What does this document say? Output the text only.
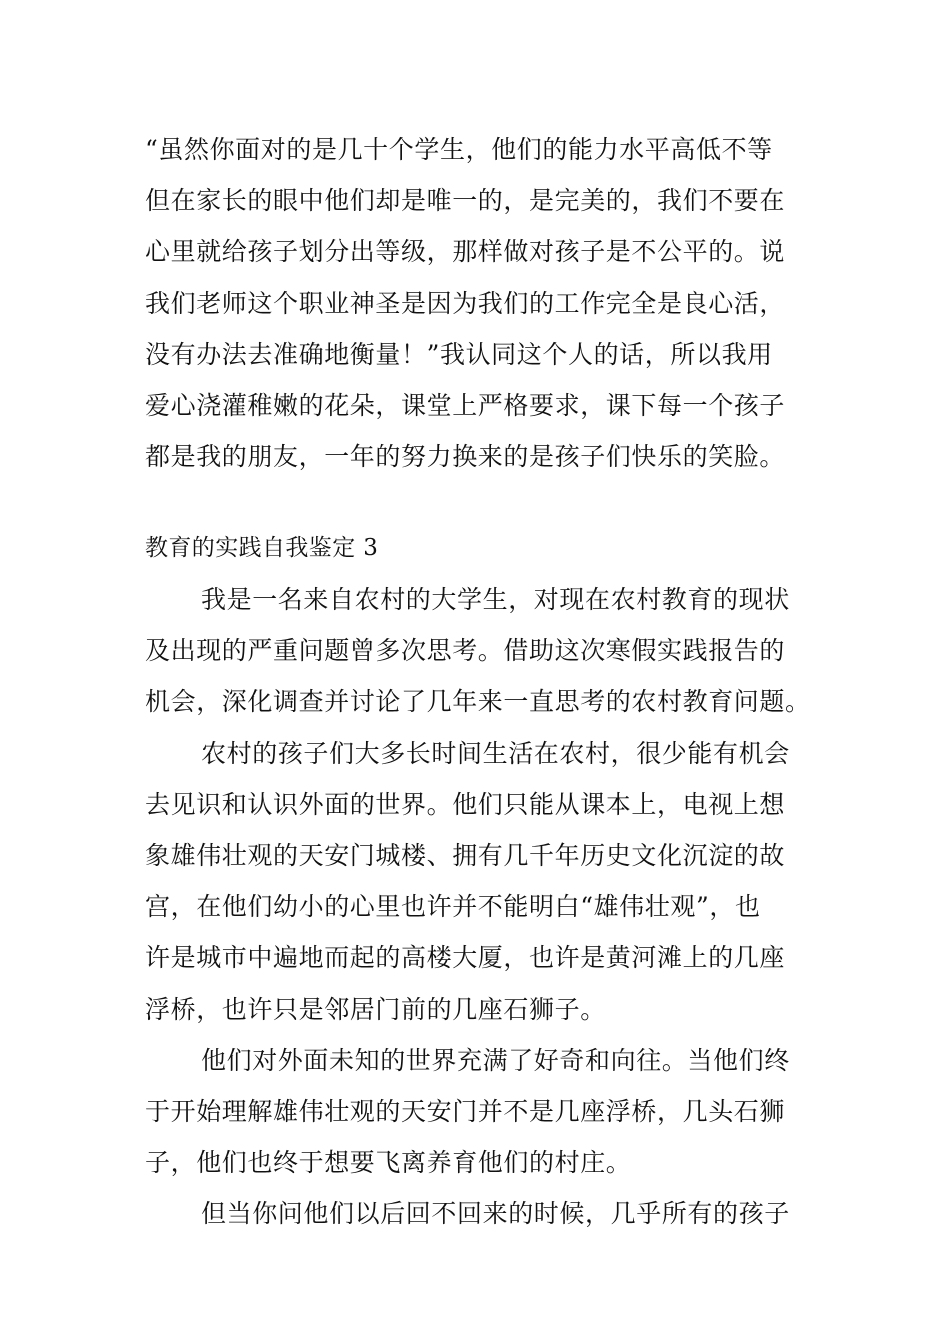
“虽然你面对的是几十个学生，他们的能力水平高低不等
但在家长的眼中他们却是唯一的，是完美的，我们不要在
心里就给孩子划分出等级，那样做对孩子是不公平的。说
我们老师这个职业神圣是因为我们的工作完全是良心活，
没有办法去准确地衡量！”我认同这个人的话，所以我用
爱心浇灌稚嫩的花朵，课堂上严格要求，课下每一个孩子
都是我的朋友，一年的努力换来的是孩子们快乐的笑脸。
教育的实践自我鉴定 3
我是一名来自农村的大学生，对现在农村教育的现状
及出现的严重问题曾多次思考。借助这次寒假实践报告的
机会，深化调查并讨论了几年来一直思考的农村教育问题。
农村的孩子们大多长时间生活在农村，很少能有机会
去见识和认识外面的世界。他们只能从课本上，电视上想
象雄伟壮观的天安门城楼、拥有几千年历史文化沉淀的故
宫，在他们幼小的心里也许并不能明白“雄伟壮观”，也
许是城市中遍地而起的高楼大厦，也许是黄河滩上的几座
浮桥，也许只是邻居门前的几座石狮子。
他们对外面未知的世界充满了好奇和向往。当他们终
于开始理解雄伟壮观的天安门并不是几座浮桥，几头石狮
子，他们也终于想要飞离养育他们的村庄。
但当你问他们以后回不回来的时候，几乎所有的孩子
